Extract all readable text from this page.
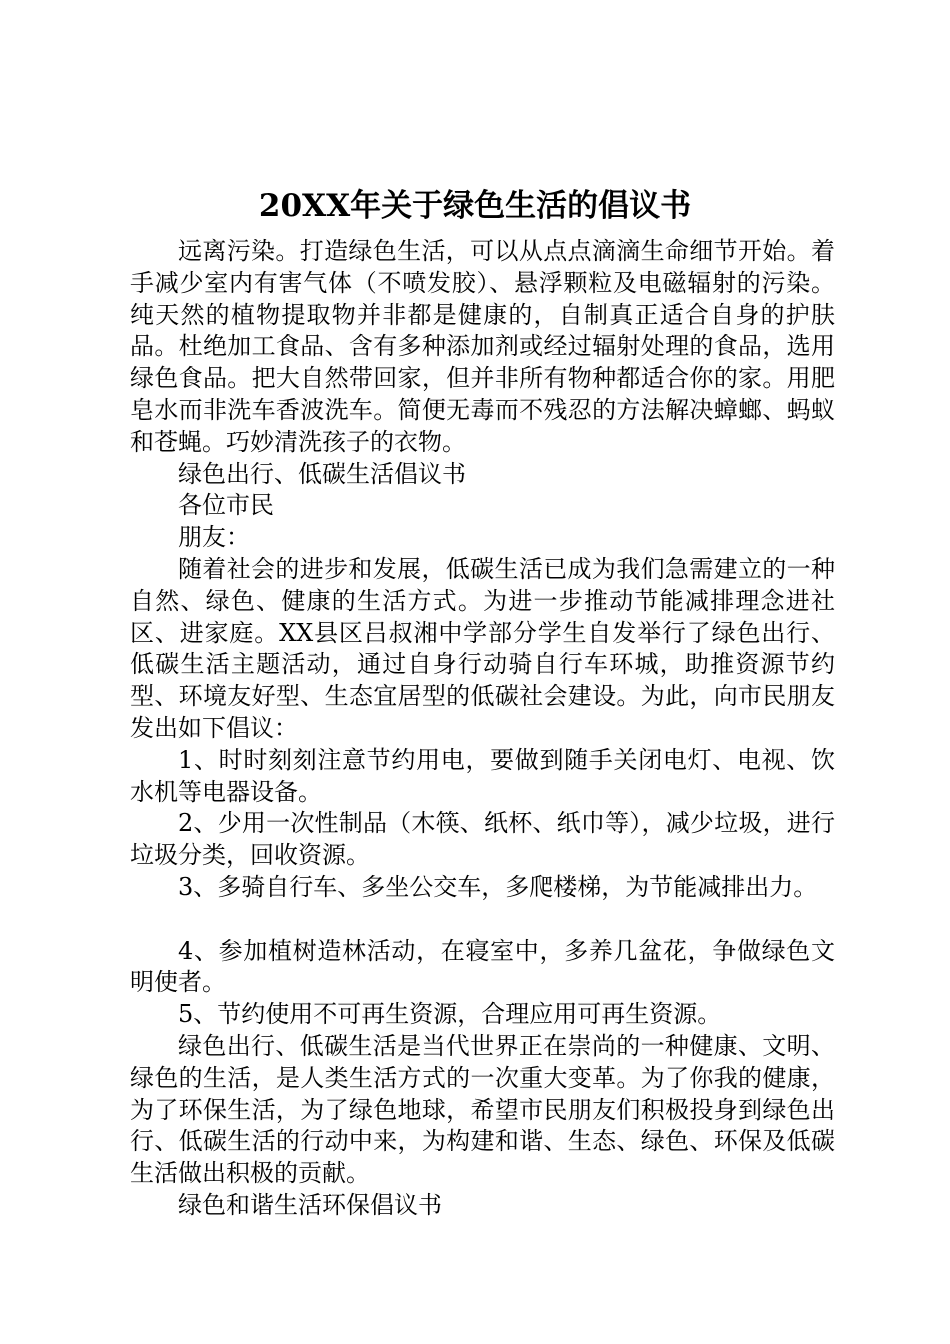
20XX年关于绿色生活的倡议书

远离污染。打造绿色生活，可以从点点滴滴生命细节开始。着手减少室内有害气体（不喷发胶）、悬浮颗粒及电磁辐射的污染。纯天然的植物提取物并非都是健康的，自制真正适合自身的护肤品。杜绝加工食品、含有多种添加剂或经过辐射处理的食品，选用绿色食品。把大自然带回家，但并非所有物种都适合你的家。用肥皂水而非洗车香波洗车。简便无毒而不残忍的方法解决蟑螂、蚂蚁和苍蝇。巧妙清洗孩子的衣物。

绿色出行、低碳生活倡议书

各位市民

朋友：

随着社会的进步和发展，低碳生活已成为我们急需建立的一种自然、绿色、健康的生活方式。为进一步推动节能减排理念进社区、进家庭。XX县区吕叔湘中学部分学生自发举行了绿色出行、低碳生活主题活动，通过自身行动骑自行车环城，助推资源节约型、环境友好型、生态宜居型的低碳社会建设。为此，向市民朋友发出如下倡议：

1、时时刻刻注意节约用电，要做到随手关闭电灯、电视、饮水机等电器设备。

2、少用一次性制品（木筷、纸杯、纸巾等），减少垃圾，进行垃圾分类，回收资源。

3、多骑自行车、多坐公交车，多爬楼梯，为节能减排出力。

4、参加植树造林活动，在寝室中，多养几盆花，争做绿色文明使者。

5、节约使用不可再生资源，合理应用可再生资源。

绿色出行、低碳生活是当代世界正在崇尚的一种健康、文明、绿色的生活，是人类生活方式的一次重大变革。为了你我的健康，为了环保生活，为了绿色地球，希望市民朋友们积极投身到绿色出行、低碳生活的行动中来，为构建和谐、生态、绿色、环保及低碳生活做出积极的贡献。

绿色和谐生活环保倡议书
